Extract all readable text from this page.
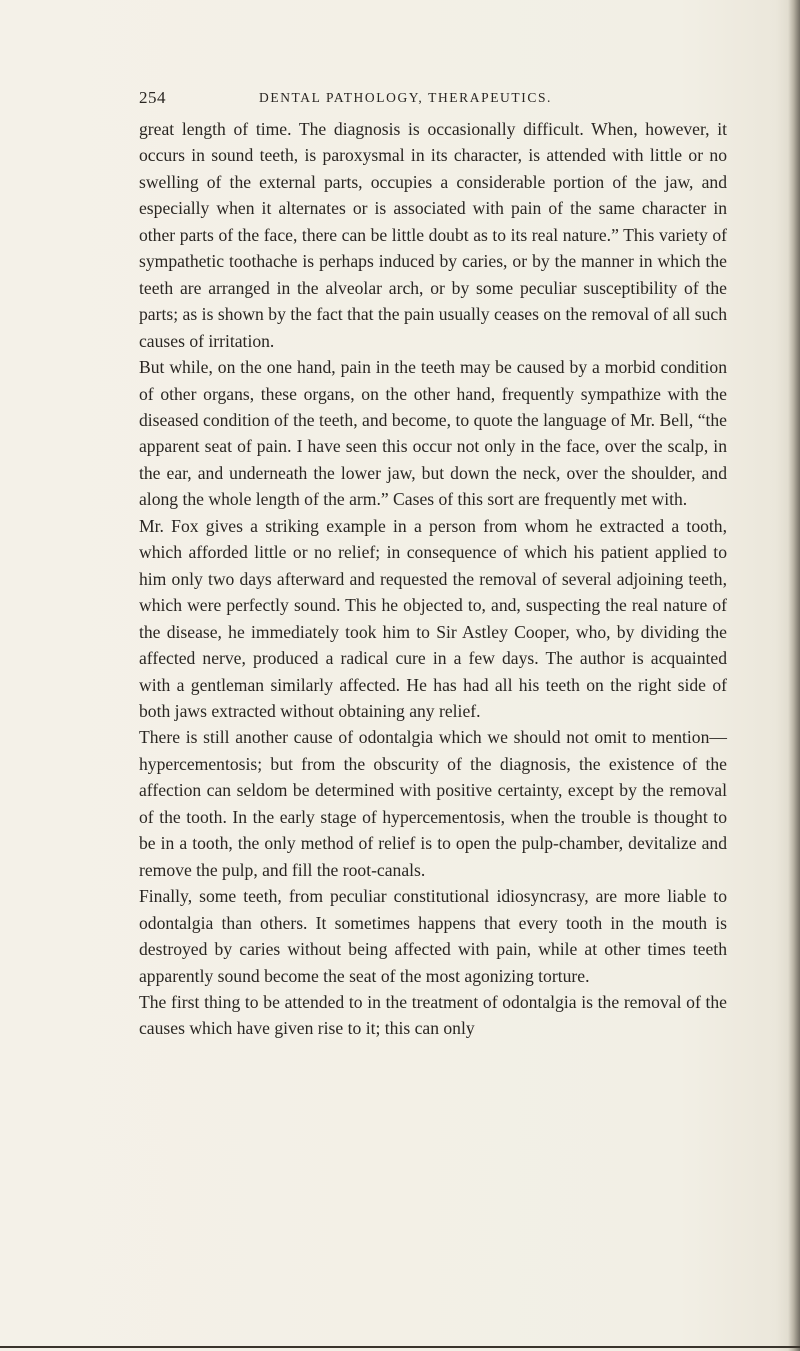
254	DENTAL PATHOLOGY, THERAPEUTICS.

great length of time. The diagnosis is occasionally difficult. When, however, it occurs in sound teeth, is paroxysmal in its character, is attended with little or no swelling of the external parts, occupies a considerable portion of the jaw, and especially when it alternates or is associated with pain of the same character in other parts of the face, there can be little doubt as to its real nature.” This variety of sympathetic toothache is perhaps induced by caries, or by the manner in which the teeth are arranged in the alveolar arch, or by some peculiar susceptibility of the parts; as is shown by the fact that the pain usually ceases on the removal of all such causes of irritation.

But while, on the one hand, pain in the teeth may be caused by a morbid condition of other organs, these organs, on the other hand, frequently sympathize with the diseased condition of the teeth, and become, to quote the language of Mr. Bell, “the apparent seat of pain. I have seen this occur not only in the face, over the scalp, in the ear, and underneath the lower jaw, but down the neck, over the shoulder, and along the whole length of the arm.” Cases of this sort are frequently met with.

Mr. Fox gives a striking example in a person from whom he extracted a tooth, which afforded little or no relief; in consequence of which his patient applied to him only two days afterward and requested the removal of several adjoining teeth, which were perfectly sound. This he objected to, and, suspecting the real nature of the disease, he immediately took him to Sir Astley Cooper, who, by dividing the affected nerve, produced a radical cure in a few days. The author is acquainted with a gentleman similarly affected. He has had all his teeth on the right side of both jaws extracted without obtaining any relief.

There is still another cause of odontalgia which we should not omit to mention—hypercementosis; but from the obscurity of the diagnosis, the existence of the affection can seldom be determined with positive certainty, except by the removal of the tooth. In the early stage of hypercementosis, when the trouble is thought to be in a tooth, the only method of relief is to open the pulp-chamber, devitalize and remove the pulp, and fill the root-canals.

Finally, some teeth, from peculiar constitutional idiosyncrasy, are more liable to odontalgia than others. It sometimes happens that every tooth in the mouth is destroyed by caries without being affected with pain, while at other times teeth apparently sound become the seat of the most agonizing torture.

The first thing to be attended to in the treatment of odontalgia is the removal of the causes which have given rise to it; this can only
